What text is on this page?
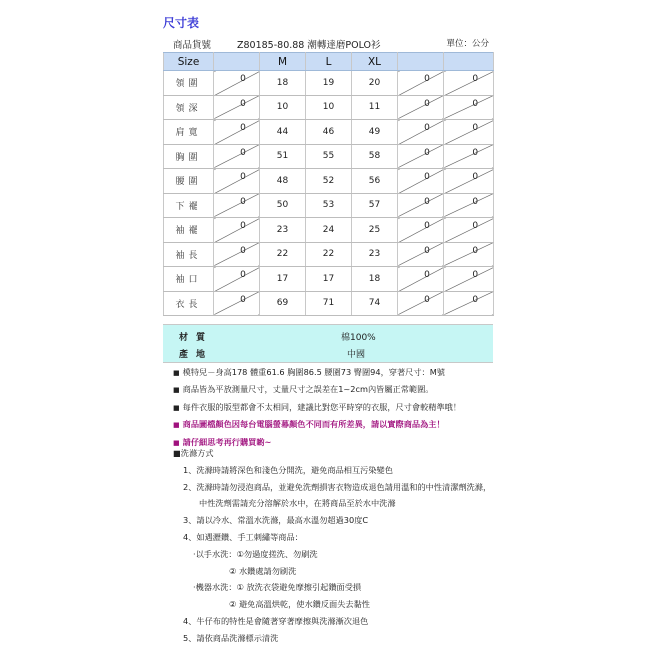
尺寸表
商品貨號	Z80185-80.88 潮轉達磨POLO衫	單位：公分
Size		M	L	XL		
領圍	0	18	19	20	0	0

領深	0	10	10	11	0	0

肩寬	0	44	46	49	0	0

胸圍	0	51	55	58	0	0

腰圍	0	48	52	56	0	0

下襬	0	50	53	57	0	0

袖襬	0	23	24	25	0	0

袖長	0	22	22	23	0	0

袖口	0	17	17	18	0	0

衣長	0	69	71	74	0	0
材質	棉100%
產地	中國
■ 模特兒－身高178 體重61.6 胸圍86.5 腰圍73 臀圍94，穿著尺寸：M號
■ 商品皆為平放測量尺寸，丈量尺寸之誤差在1~2cm內皆屬正常範圍。
■ 每件衣服的版型都會不太相同，建議比對您平時穿的衣服，尺寸會較精準哦！
■ 商品圖檔顏色因每台電腦螢幕顏色不同而有所差異，請以實際商品為主！
■ 請仔細思考再行購買喲~
■洗滌方式
1、洗滌時請將深色和淺色分開洗，避免商品相互污染變色
2、洗滌時請勿浸泡商品，並避免洗劑損害衣物造成退色請用溫和的中性清潔劑洗滌，
中性洗劑需請充分溶解於水中，在將商品至於水中洗滌
3、請以冷水、常溫水洗滌，最高水溫勿超過30度C
4、如遇瀝鑽、手工刺繡等商品：
‧以手水洗：①勿過度搓洗、勿刷洗
② 水鑽處請勿刷洗
‧機器水洗：① 放洗衣袋避免摩擦引起鑽面受損
② 避免高溫烘乾，使水鑽反面失去黏性
4、牛仔布的特性是會隨著穿著摩擦與洗滌漸次退色
5、請依商品洗滌標示清洗
